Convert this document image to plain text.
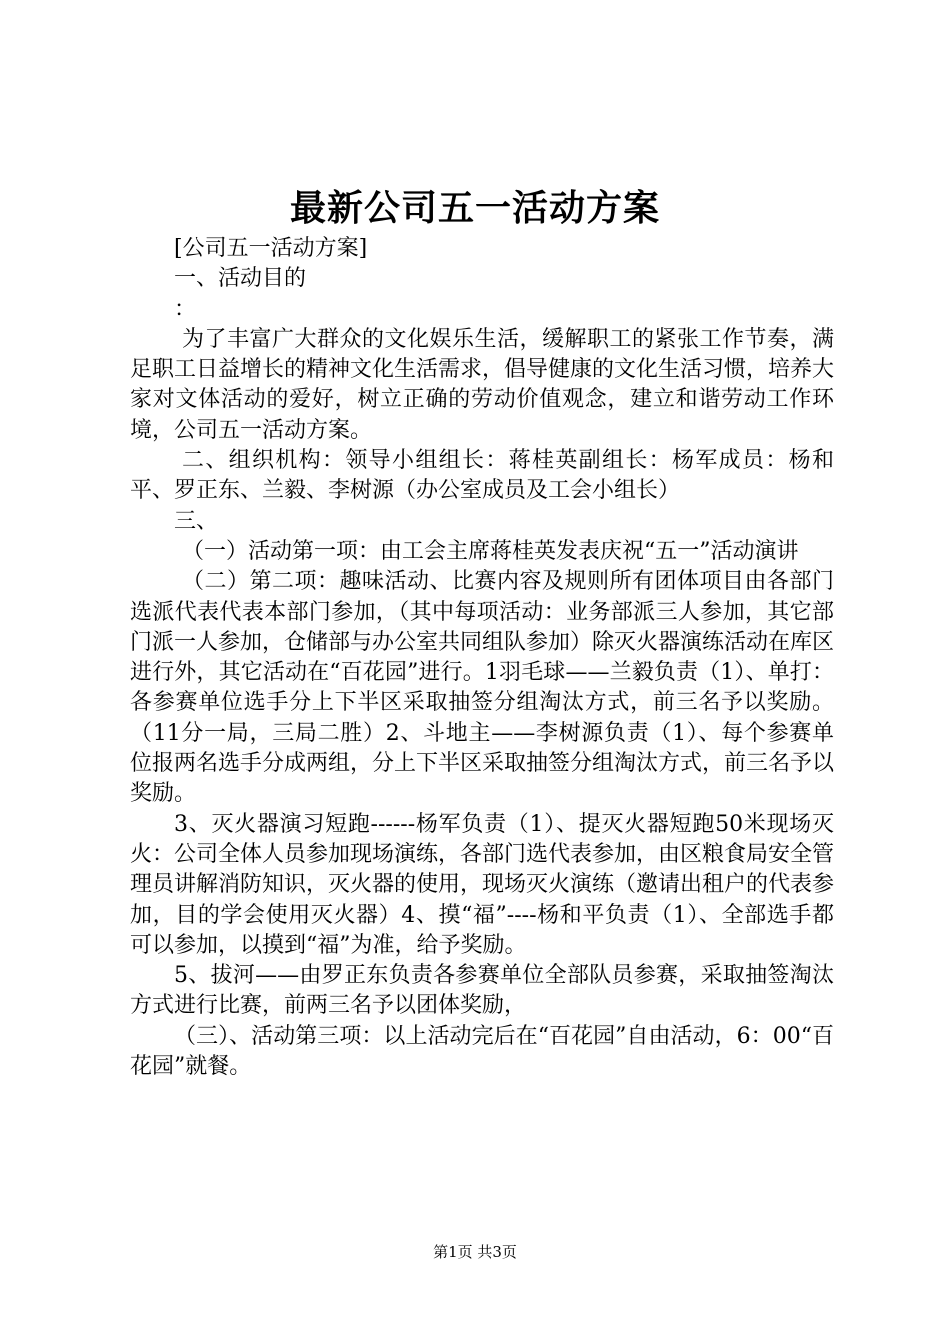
最新公司五一活动方案

[公司五一活动方案]

一、活动目的

：

为了丰富广大群众的文化娱乐生活，缓解职工的紧张工作节奏，满足职工日益增长的精神文化生活需求，倡导健康的文化生活习惯，培养大家对文体活动的爱好，树立正确的劳动价值观念，建立和谐劳动工作环境，公司五一活动方案。

二、组织机构：领导小组组长：蒋桂英副组长：杨军成员：杨和平、罗正东、兰毅、李树源（办公室成员及工会小组长）

三、

（一）活动第一项：由工会主席蒋桂英发表庆祝“五一”活动演讲

（二）第二项：趣味活动、比赛内容及规则所有团体项目由各部门选派代表代表本部门参加，（其中每项活动：业务部派三人参加，其它部门派一人参加，仓储部与办公室共同组队参加）除灭火器演练活动在库区进行外，其它活动在“百花园”进行。1羽毛球——兰毅负责（1）、单打：各参赛单位选手分上下半区采取抽签分组淘汰方式，前三名予以奖励。（11分一局，三局二胜）2、斗地主——李树源负责（1）、每个参赛单位报两名选手分成两组，分上下半区采取抽签分组淘汰方式，前三名予以奖励。

3、灭火器演习短跑------杨军负责（1）、提灭火器短跑50米现场灭火：公司全体人员参加现场演练，各部门选代表参加，由区粮食局安全管理员讲解消防知识，灭火器的使用，现场灭火演练（邀请出租户的代表参加，目的学会使用灭火器）4、摸“福”----杨和平负责（1）、全部选手都可以参加，以摸到“福”为准，给予奖励。

5、拔河——由罗正东负责各参赛单位全部队员参赛，采取抽签淘汰方式进行比赛，前两三名予以团体奖励，

（三）、活动第三项：以上活动完后在“百花园”自由活动，6：00“百花园”就餐。

第1页 共3页
